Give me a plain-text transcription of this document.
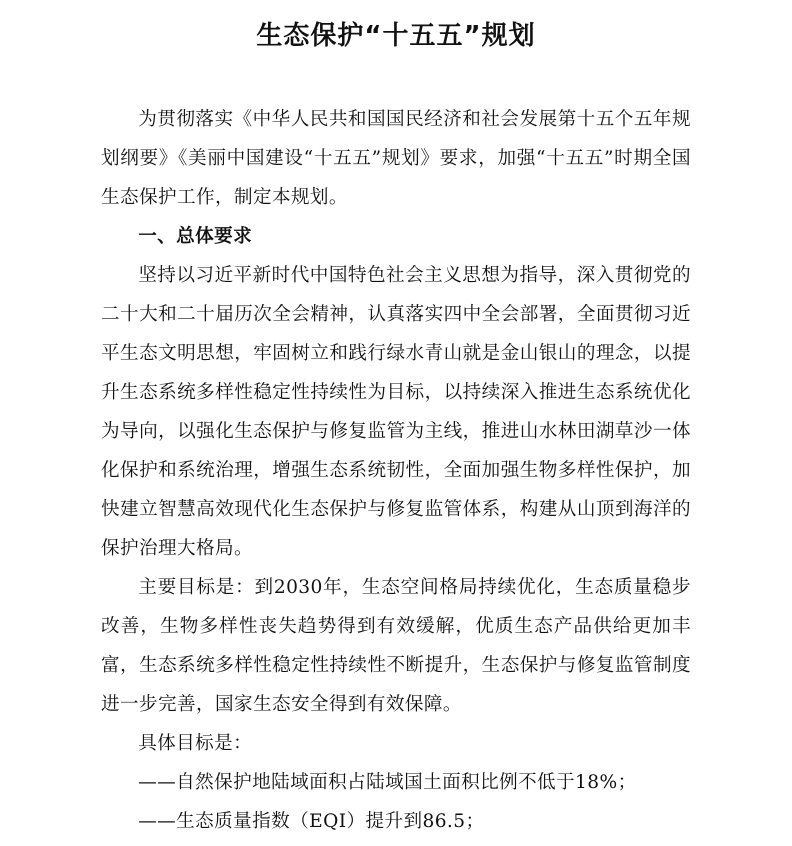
生态保护“十五五”规划

为贯彻落实《中华人民共和国国民经济和社会发展第十五个五年规划纲要》《美丽中国建设“十五五”规划》要求，加强“十五五”时期全国生态保护工作，制定本规划。

一、总体要求

坚持以习近平新时代中国特色社会主义思想为指导，深入贯彻党的二十大和二十届历次全会精神，认真落实四中全会部署，全面贯彻习近平生态文明思想，牢固树立和践行绿水青山就是金山银山的理念，以提升生态系统多样性稳定性持续性为目标，以持续深入推进生态系统优化为导向，以强化生态保护与修复监管为主线，推进山水林田湖草沙一体化保护和系统治理，增强生态系统韧性，全面加强生物多样性保护，加快建立智慧高效现代化生态保护与修复监管体系，构建从山顶到海洋的保护治理大格局。

主要目标是：到2030年，生态空间格局持续优化，生态质量稳步改善，生物多样性丧失趋势得到有效缓解，优质生态产品供给更加丰富，生态系统多样性稳定性持续性不断提升，生态保护与修复监管制度进一步完善，国家生态安全得到有效保障。

具体目标是：

——自然保护地陆域面积占陆域国土面积比例不低于18%；

——生态质量指数（EQI）提升到86.5；
